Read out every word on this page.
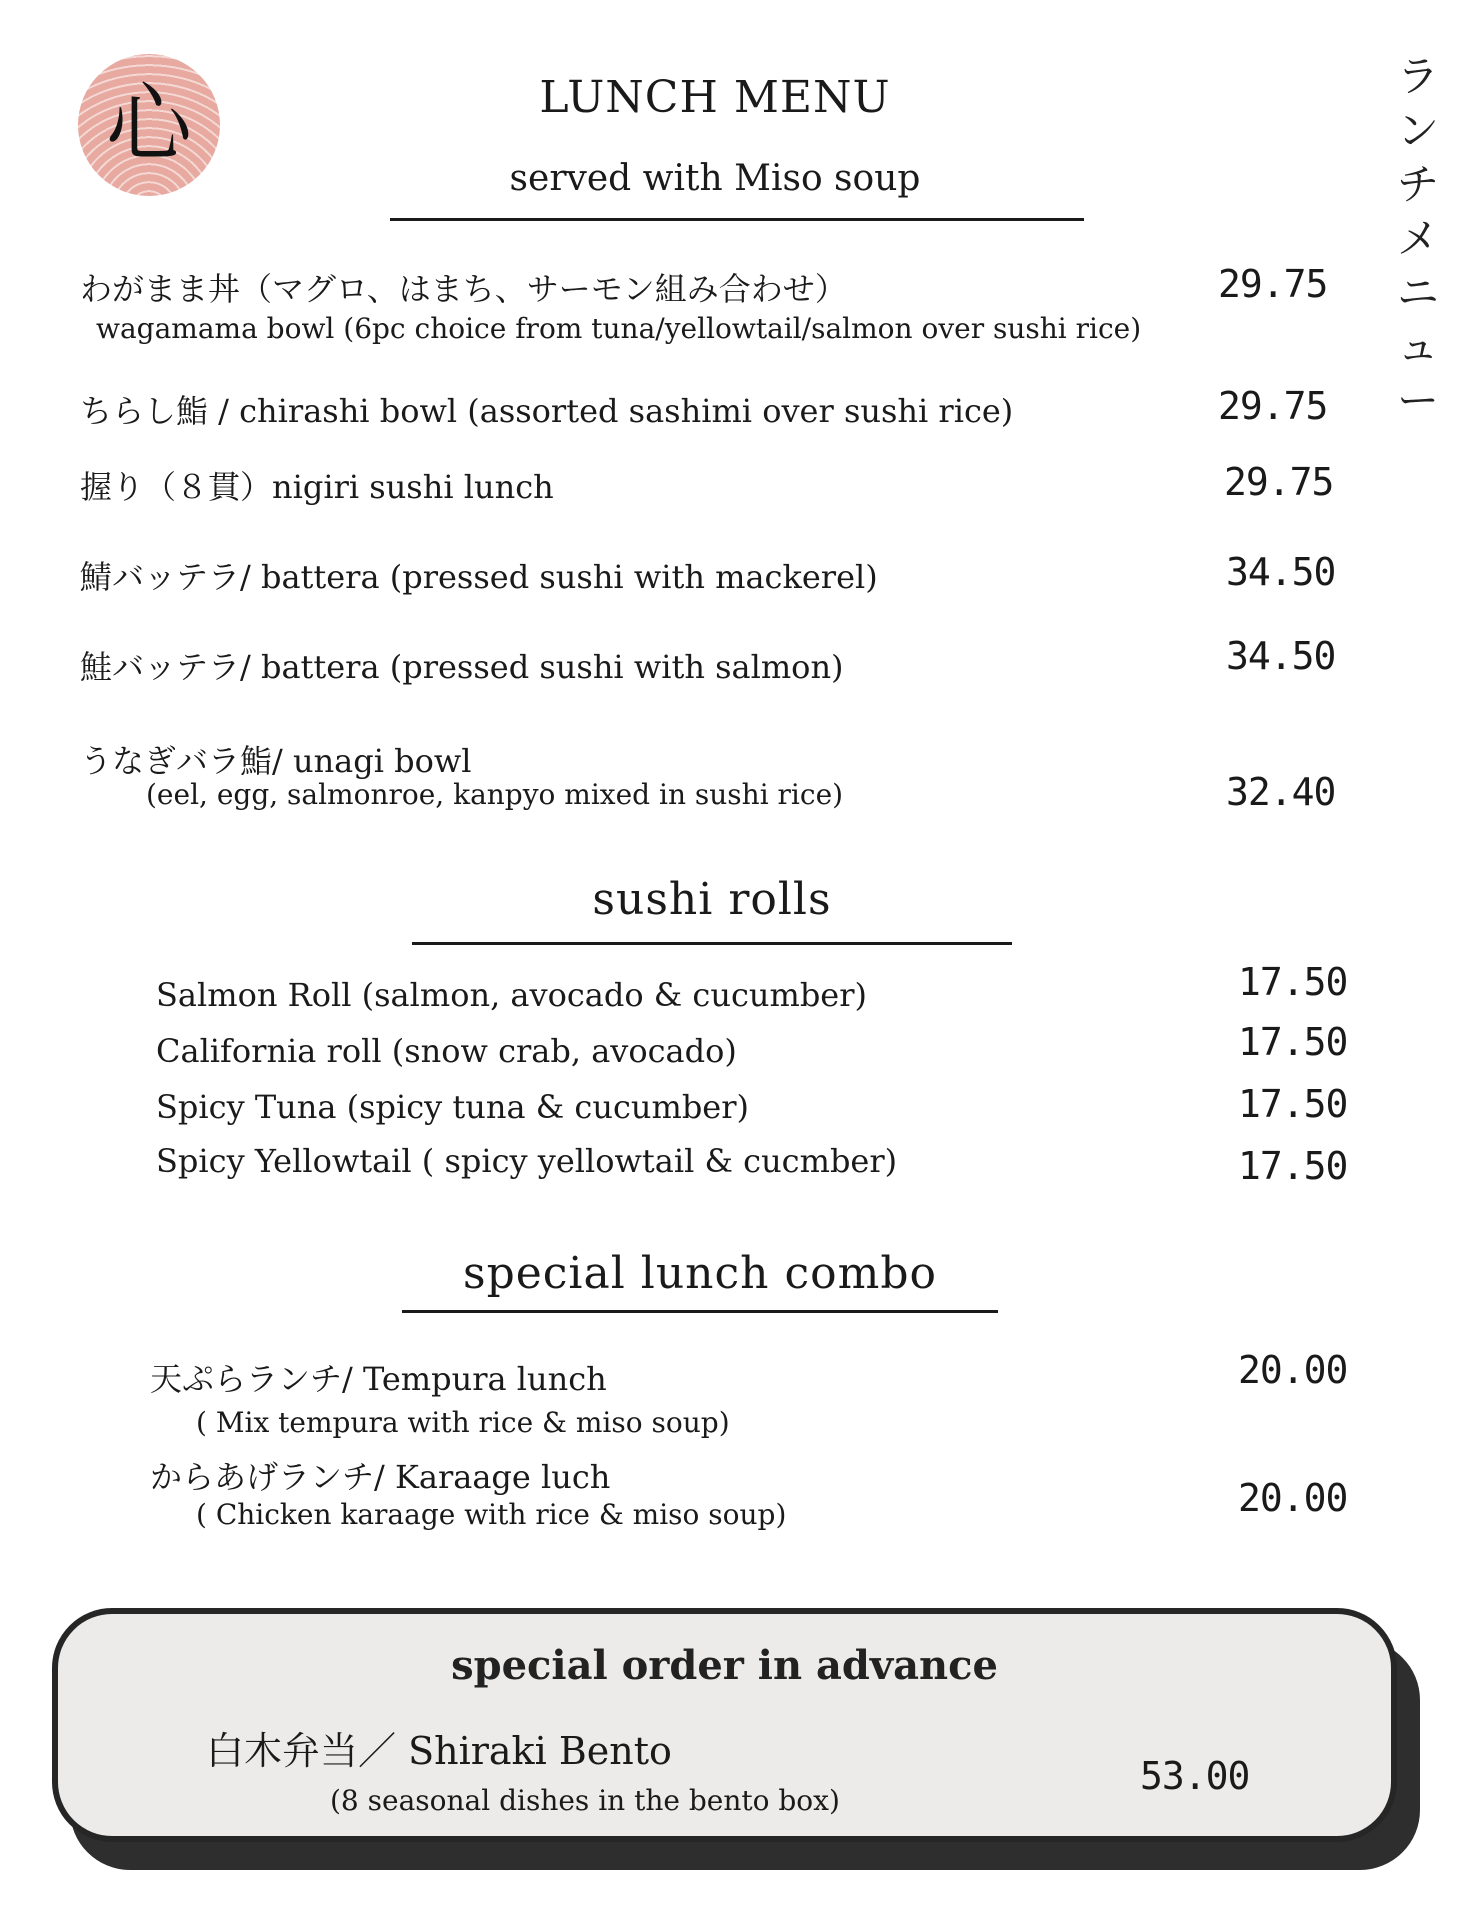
心	ラ
ン
チ
メ
ニ
ュ
ー
LUNCH MENU
served with Miso soup
わがまま丼（マグロ、はまち、サーモン組み合わせ）
wagamama bowl (6pc choice from tuna/yellowtail/salmon over sushi rice)
29.75
ちらし鮨 / chirashi bowl (assorted sashimi over sushi rice)	29.75
握り（８貫）nigiri sushi lunch	29.75
鯖バッテラ/ battera (pressed sushi with mackerel)	34.50
鮭バッテラ/ battera (pressed sushi with salmon)	34.50
うなぎバラ鮨/ unagi bowl
(eel, egg, salmonroe, kanpyo mixed in sushi rice)	32.40
sushi rolls
Salmon Roll (salmon, avocado & cucumber)	17.50
California roll (snow crab, avocado)	17.50
Spicy Tuna (spicy tuna & cucumber)	17.50
Spicy Yellowtail ( spicy yellowtail & cucmber)	17.50
special lunch combo
天ぷらランチ/ Tempura lunch
( Mix tempura with rice & miso soup)
20.00
からあげランチ/ Karaage luch
( Chicken karaage with rice & miso soup)	20.00
special order in advance
白木弁当／ Shiraki Bento
(8 seasonal dishes in the bento box)
53.00
